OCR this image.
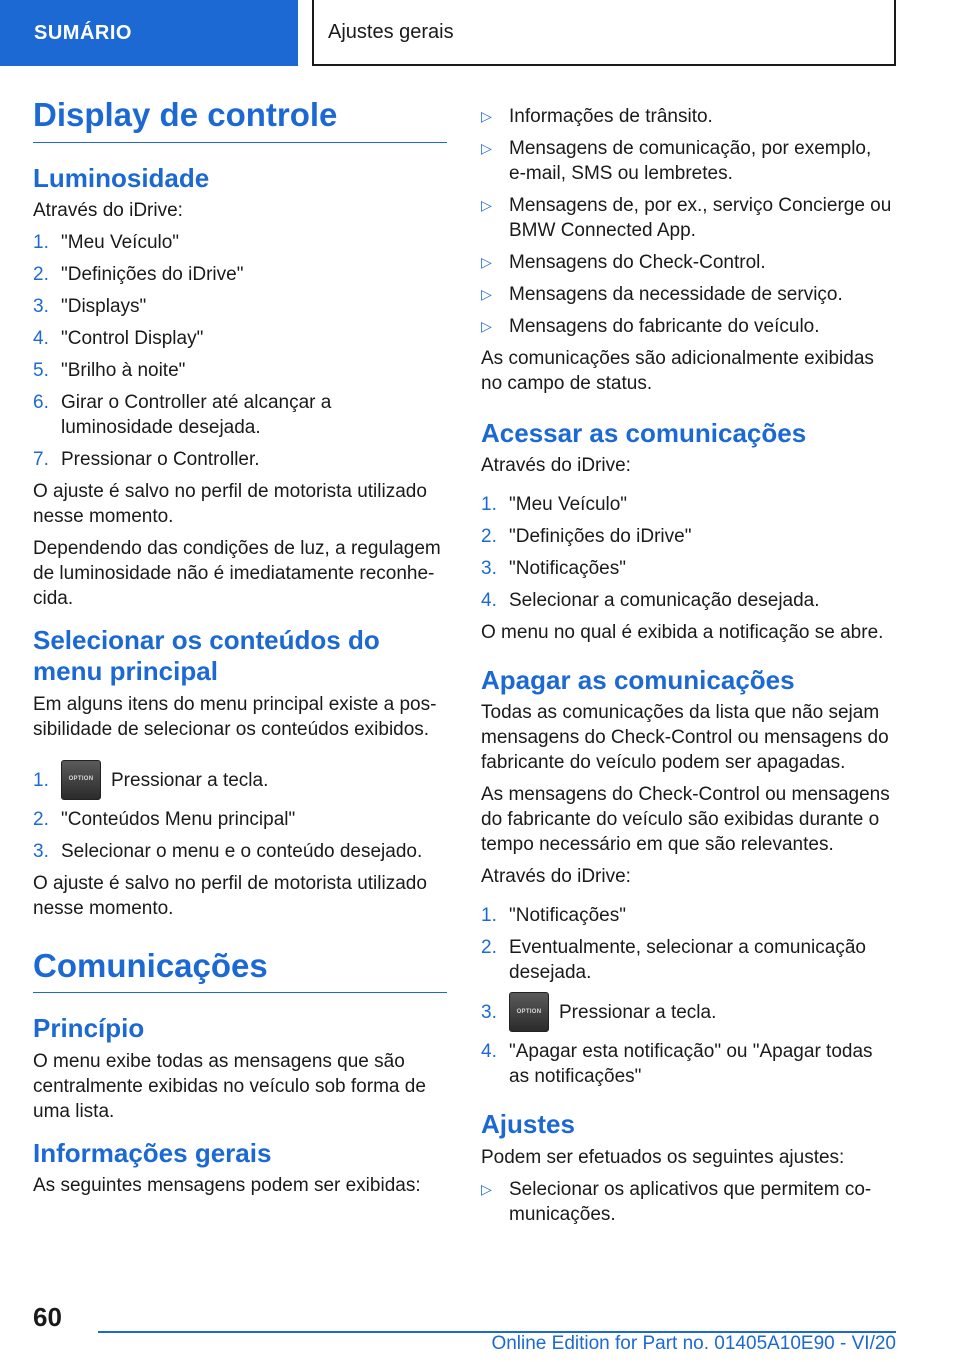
SUMÁRIO	Ajustes gerais
Display de controle
Luminosidade

Através do iDrive:

1. "Meu Veículo"
2. "Definições do iDrive"
3. "Displays"
4. "Control Display"
5. "Brilho à noite"
6. Girar o Controller até alcançar a luminosidade desejada.
7. Pressionar o Controller.

O ajuste é salvo no perfil de motorista utilizado nesse momento.

Dependendo das condições de luz, a regulagem de luminosidade não é imediatamente reconhecida.

Selecionar os conteúdos do menu principal

Em alguns itens do menu principal existe a possibilidade de selecionar os conteúdos exibidos.

1.	OPTION Pressionar a tecla.
2. "Conteúdos Menu principal"
3. Selecionar o menu e o conteúdo desejado.

O ajuste é salvo no perfil de motorista utilizado nesse momento.

Comunicações
Princípio

O menu exibe todas as mensagens que são centralmente exibidas no veículo sob forma de uma lista.

Informações gerais

As seguintes mensagens podem ser exibidas:

▷ Informações de trânsito.
▷ Mensagens de comunicação, por exemplo, e-mail, SMS ou lembretes.
▷ Mensagens de, por ex., serviço Concierge ou BMW Connected App.
▷ Mensagens do Check-Control.
▷ Mensagens da necessidade de serviço.
▷ Mensagens do fabricante do veículo.

As comunicações são adicionalmente exibidas no campo de status.

Acessar as comunicações

Através do iDrive:

1. "Meu Veículo"
2. "Definições do iDrive"
3. "Notificações"
4. Selecionar a comunicação desejada.

O menu no qual é exibida a notificação se abre.

Apagar as comunicações

Todas as comunicações da lista que não sejam mensagens do Check-Control ou mensagens do fabricante do veículo podem ser apagadas.

As mensagens do Check-Control ou mensagens do fabricante do veículo são exibidas durante o tempo necessário em que são relevantes.

Através do iDrive:

1. "Notificações"
2. Eventualmente, selecionar a comunicação desejada.
3.	OPTION Pressionar a tecla.
4. "Apagar esta notificação" ou "Apagar todas as notificações"
Ajustes

Podem ser efetuados os seguintes ajustes:

▷ Selecionar os aplicativos que permitem comunicações.
60
Online Edition for Part no. 01405A10E90 - VI/20
